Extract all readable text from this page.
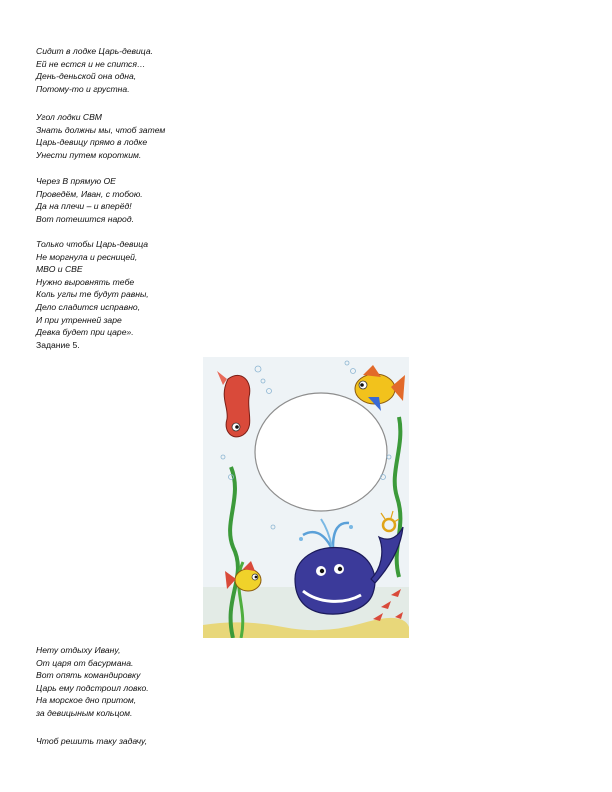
Сидит в лодке Царь-девица.
Ей не естся и не спится…
День-деньской она одна,
Потому-то и грустна.
Угол лодки СВМ
Знать должны мы, чтоб затем
Царь-девицу прямо в лодке
Унести путем коротким.
Через В прямую ОЕ
Проведём, Иван, с тобою.
Да на плечи – и вперёд!
Вот потешится народ.
Только чтобы Царь-девица
Не моргнула и ресницей,
МВО и СВЕ
Нужно выровнять тебе
Коль углы те будут равны,
Дело сладится исправно,
И при утренней заре
Девка будет при царе».
Задание 5.
Нету отдыху Ивану,
От царя от басурмана.
Вот опять командировку
Царь ему подстроил ловко.
На морское дно притом,
за девицыным кольцом.
Чтоб решить таку задачу,
